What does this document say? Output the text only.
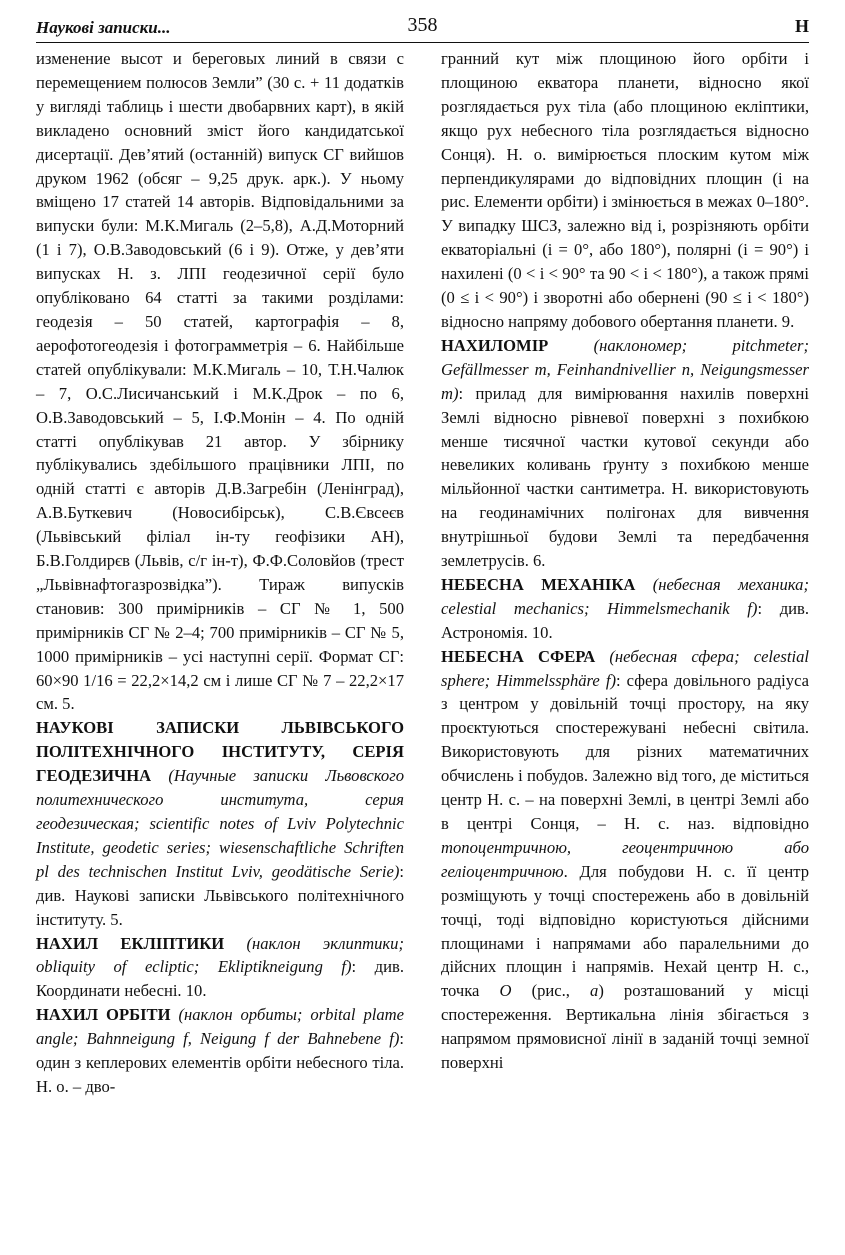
Наукові записки...	358	Н

изменение высот и береговых линий в связи с перемещением полюсов Земли” (30 с. + 11 додатків у вигляді таблиць і шести двобарвних карт), в якій викладено основний зміст його кандидатської дисертації. Дев’ятий (останній) випуск СГ вийшов друком 1962 (обсяг – 9,25 друк. арк.). У ньому вміщено 17 статей 14 авторів. Відповідальними за випуски були: М.К.Мигаль (2–5,8), А.Д.Моторний (1 і 7), О.В.Заводовський (6 і 9). Отже, у дев’яти випусках Н. з. ЛПІ геодезичної серії було опубліковано 64 статті за такими розділами: геодезія – 50 статей, картографія – 8, аерофотогеодезія і фотограмметрія – 6. Найбільше статей опублікували: М.К.Мигаль – 10, Т.Н.Чалюк – 7, О.С.Лисичанський і М.К.Дрок – по 6, О.В.Заводовський – 5, І.Ф.Монін – 4. По одній статті опублікував 21 автор. У збірнику публікувались здебільшого працівники ЛПІ, по одній статті є авторів Д.В.Загребін (Ленінград), А.В.Буткевич (Новосибірськ), С.В.Євсеєв (Львівський філіал ін-ту геофізики АН), Б.В.Голдирєв (Львів, с/г ін-т), Ф.Ф.Соловйов (трест „Львівнафтогазрозвідка”). Тираж випусків становив: 300 примірників – СГ № 1, 500 примірників СГ № 2–4; 700 примірників – СГ № 5, 1000 примірників – усі наступні серії. Формат СГ: 60×90 1/16 = 22,2×14,2 см і лише СГ № 7 – 22,2×17 см. 5.

НАУКОВІ ЗАПИСКИ ЛЬВІВСЬКОГО ПОЛІТЕХНІЧНОГО ІНСТИТУТУ, СЕРІЯ ГЕОДЕЗИЧНА (Научные записки Львовского политехнического института, серия геодезическая; scientific notes of Lviv Polytechnic Institute, geodetic series; wiesenschaftliche Schriften pl des technischen Institut Lviv, geodätische Serie): див. Наукові записки Львівського політехнічного інституту. 5.

НАХИЛ ЕКЛІПТИКИ (наклон эклиптики; obliquity of ecliptic; Ekliptikneigung f): див. Координати небесні. 10.

НАХИЛ ОРБІТИ (наклон орбиты; orbital plame angle; Bahnneigung f, Neigung f der Bahnebene f): один з кеплерових елементів орбіти небесного тіла. Н. о. – дво-

гранний кут між площиною його орбіти і площиною екватора планети, відносно якої розглядається рух тіла (або площиною екліптики, якщо рух небесного тіла розглядається відносно Сонця). Н. о. вимірюється плоским кутом між перпендикулярами до відповідних площин (i на рис. Елементи орбіти) і змінюється в межах 0–180°. У випадку ШСЗ, залежно від i, розрізняють орбіти екваторіальні (i = 0°, або 180°), полярні (i = 90°) і нахилені (0 < i < 90° та 90 < i < 180°), а також прямі (0 ≤ i < 90°) і зворотні або обернені (90 ≤ i < 180°) відносно напряму добового обертання планети. 9.

НАХИЛОМІР	(наклономер; pitchmeter; Gefällmesser m, Feinhandnivellier n, Neigungsmesser m): прилад для вимірювання нахилів поверхні Землі відносно рівневої поверхні з похибкою менше тисячної частки кутової секунди або невеликих коливань ґрунту з похибкою менше мільйонної частки сантиметра. Н. використовують на геодинамічних полігонах для вивчення внутрішньої будови Землі та передбачення землетрусів. 6.

НЕБЕСНА МЕХАНІКА (небесная механика; celestial mechanics; Himmelsmechanik f): див. Астрономія. 10.

НЕБЕСНА СФЕРА (небесная сфера; celestial sphere; Himmelssphäre f): сфера довільного радіуса з центром у довільній точці простору, на яку проєктуються спостережувані небесні світила. Використовують для різних математичних обчислень і побудов. Залежно від того, де міститься центр Н. с. – на поверхні Землі, в центрі Землі або в центрі Сонця, – Н. с. наз. відповідно топоцентричною, геоцентричною або геліоцентричною. Для побудови Н. с. її центр розміщують у точці спостережень або в довільній точці, тоді відповідно користуються дійсними площинами і напрямами або паралельними до дійсних площин і напрямів. Нехай центр Н. с., точка O (рис., a) розташований у місці спостереження. Вертикальна лінія збігається з напрямом прямовисної лінії в заданій точці земної поверхні
